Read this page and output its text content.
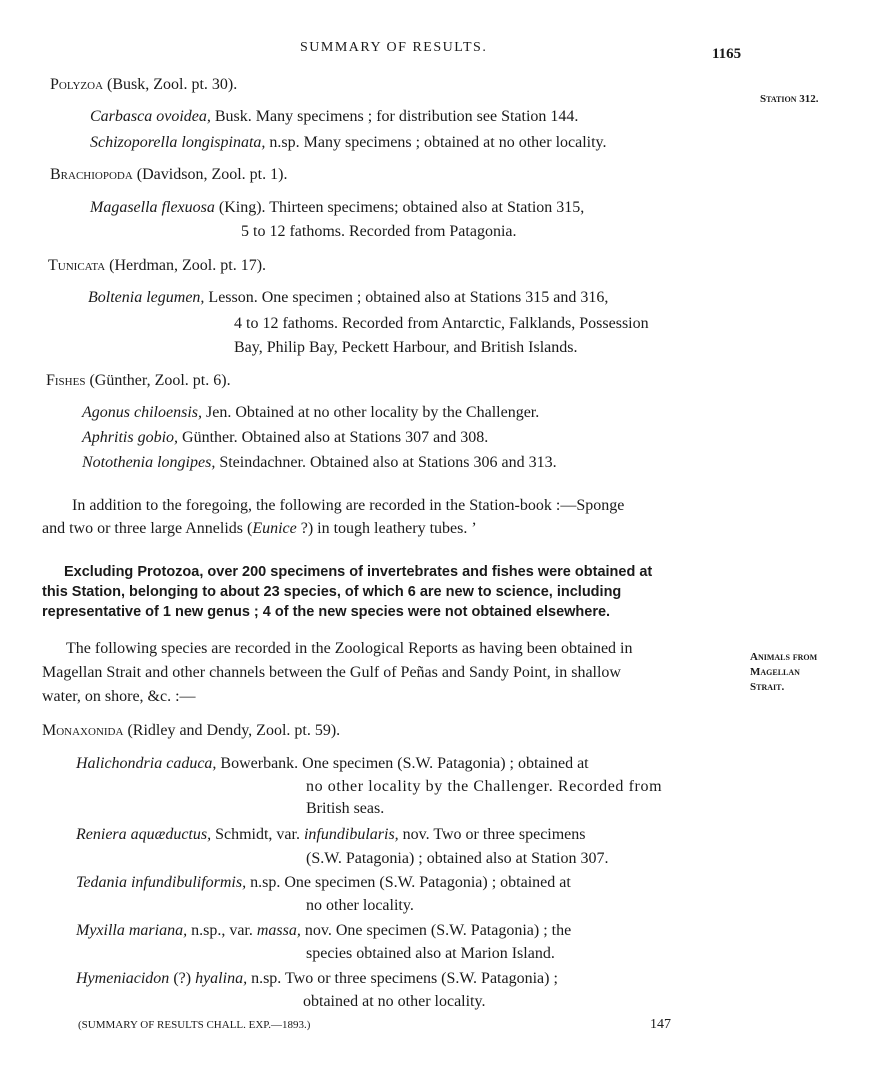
SUMMARY OF RESULTS.	1165
Station 312.
Animals from
Magellan
Strait.
Polyzoa (Busk, Zool. pt. 30).
Carbasca ovoidea, Busk. Many specimens ; for distribution see Station 144.
Schizoporella longispinata, n.sp. Many specimens ; obtained at no other locality.
Brachiopoda (Davidson, Zool. pt. 1).
Magasella flexuosa (King). Thirteen specimens; obtained also at Station 315,
5 to 12 fathoms. Recorded from Patagonia.
Tunicata (Herdman, Zool. pt. 17).
Boltenia legumen, Lesson. One specimen ; obtained also at Stations 315 and 316,
4 to 12 fathoms. Recorded from Antarctic, Falklands, Possession
Bay, Philip Bay, Peckett Harbour, and British Islands.
Fishes (Günther, Zool. pt. 6).
Agonus chiloensis, Jen. Obtained at no other locality by the Challenger.
Aphritis gobio, Günther. Obtained also at Stations 307 and 308.
Notothenia longipes, Steindachner. Obtained also at Stations 306 and 313.
In addition to the foregoing, the following are recorded in the Station-book :—Sponge
and two or three large Annelids (Eunice ?) in tough leathery tubes. ʼ
Excluding Protozoa, over 200 specimens of invertebrates and fishes were obtained at
this Station, belonging to about 23 species, of which 6 are new to science, including
representative of 1 new genus ; 4 of the new species were not obtained elsewhere.
The following species are recorded in the Zoological Reports as having been obtained in
Magellan Strait and other channels between the Gulf of Peñas and Sandy Point, in shallow
water, on shore, &c. :—
Monaxonida (Ridley and Dendy, Zool. pt. 59).
Halichondria caduca, Bowerbank. One specimen (S.W. Patagonia) ; obtained at
no other locality by the Challenger. Recorded from
British seas.
Reniera aquæductus, Schmidt, var. infundibularis, nov. Two or three specimens
(S.W. Patagonia) ; obtained also at Station 307.
Tedania infundibuliformis, n.sp. One specimen (S.W. Patagonia) ; obtained at
no other locality.
Myxilla mariana, n.sp., var. massa, nov. One specimen (S.W. Patagonia) ; the
species obtained also at Marion Island.
Hymeniacidon (?) hyalina, n.sp. Two or three specimens (S.W. Patagonia) ;
obtained at no other locality.
(SUMMARY OF RESULTS CHALL. EXP.—1893.)	147
